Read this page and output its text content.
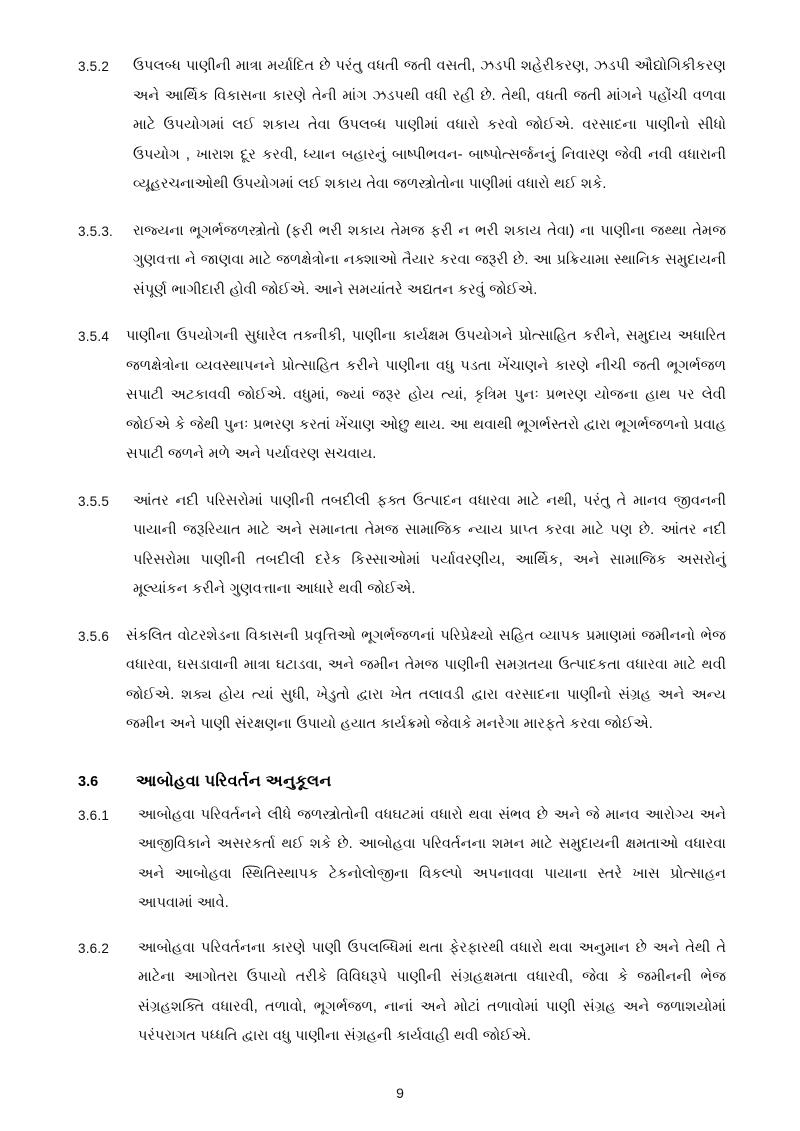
3.5.2	ઉપલબ્ધ પાણીની માત્રા મર્યાદિત છે પરંતુ વધતી જતી વસતી, ઝડપી શહેરીકરણ, ઝડપી ઔદ્યોગિકીકરણ અને આર્થિક વિકાસના કારણે તેની માંગ ઝડપથી વધી રહી છે. તેથી, વધતી જતી માંગને પહોંચી વળવા માટે ઉપયોગમાં લઈ શકાય તેવા ઉપલબ્ધ પાણીમાં વધારો કરવો જોઈએ. વરસાદના પાણીનો સીધો ઉપયોગ , ખારાશ દૂર કરવી, ધ્યાન બહારનું બાષ્પીભવન- બાષ્પોત્સર્જનનું નિવારણ જેવી નવી વધારાની વ્યૂહરચનાઓથી ઉપયોગમાં લઈ શકાય તેવા જળસ્ત્રોતોના પાણીમાં વધારો થઈ શકે.
3.5.3.	રાજ્યના ભૂગર્ભજળસ્ત્રોતો (ફરી ભરી શકાય તેમજ ફરી ન ભરી શકાય તેવા) ના પાણીના જથ્થા તેમજ ગુણવત્તા ને જાણવા માટે જળક્ષેત્રોના નક્શાઓ તૈયાર કરવા જરૂરી છે. આ પ્રક્રિયામા સ્થાનિક સમુદાયની સંપૂર્ણ ભાગીદારી હોવી જોઈએ. આને સમયાંતરે અદ્યતન કરવું જોઈએ.
3.5.4	પાણીના ઉપયોગની સુધારેલ તક્નીકી, પાણીના કાર્યક્ષમ ઉપયોગને પ્રોત્સાહિત કરીને, સમુદાય અધારિત જળક્ષેત્રોના વ્યવસ્થાપનને પ્રોત્સાહિત કરીને પાણીના વધુ પડતા ખેંચાણને કારણે નીચી જતી ભૂગર્ભજળ સપાટી અટકાવવી જોઈએ. વધુમાં, જ્યાં જરૂર હોય ત્યાં, કૃત્રિમ પુનઃ પ્રભરણ યોજના હાથ પર લેવી જોઈએ કે જેથી પુનઃ પ્રભરણ કરતાં ખેંચાણ ઓછુ થાય. આ થવાથી ભૂગર્ભસ્તરો દ્વારા ભૂગર્ભજળનો પ્રવાહ સપાટી જળને મળે અને પર્યાવરણ સચવાય.
3.5.5	આંતર નદી પરિસરોમાં પાણીની તબદીલી ફક્ત ઉત્પાદન વધારવા માટે નથી, પરંતુ તે માનવ જીવનની પાયાની જરૂરિયાત માટે અને સમાનતા તેમજ સામાજિક ન્યાય પ્રાપ્ત કરવા માટે પણ છે. આંતર નદી પરિસરોમા પાણીની તબદીલી દરેક કિસ્સાઓમાં પર્યાવરણીય, આર્થિક, અને સામાજિક અસરોનું મૂલ્યાંકન કરીને ગુણવત્તાના આધારે થવી જોઈએ.
3.5.6	સંકલિત વોટરશેડના વિકાસની પ્રવૃત્તિઓ ભૂગર્ભજળનાં પરિપ્રેક્ષ્યો સહિત વ્યાપક પ્રમાણમાં જમીનનો ભેજ વધારવા, ઘસડાવાની માત્રા ઘટાડવા, અને જમીન તેમજ પાણીની સમગ્રતયા ઉત્પાદકતા વધારવા માટે થવી જોઈએ. શક્ય હોય ત્યાં સુધી, ખેડુતો દ્વારા ખેત તલાવડી દ્વારા વરસાદના પાણીનો સંગ્રહ અને અન્ય જમીન અને પાણી સંરક્ષણના ઉપાયો હયાત કાર્યક્રમો જેવાકે મનરેગા મારફતે કરવા જોઈએ.
3.6	આબોહવા પરિવર્તન અનુકૂલન
3.6.1	આબોહવા પરિવર્તનને લીધે જળસ્ત્રોતોની વધઘટમાં વધારો થવા સંભવ છે અને જે માનવ આરોગ્ય અને આજીવિકાને અસરકર્તા થઈ શકે છે. આબોહવા પરિવર્તનના શમન માટે સમુદાયની ક્ષમતાઓ વધારવા અને આબોહવા સ્થિતિસ્થાપક ટેકનોલોજીના વિકલ્પો અપનાવવા પાયાના સ્તરે ખાસ પ્રોત્સાહન આપવામાં આવે.
3.6.2	આબોહવા પરિવર્તનના કારણે પાણી ઉપલબ્ધિમાં થતા ફેરફારથી વધારો થવા અનુમાન છે અને તેથી તે માટેના આગોતરા ઉપાયો તરીકે વિવિધરૂપે પાણીની સંગ્રહક્ષમતા વધારવી, જેવા કે જમીનની ભેજ સંગ્રહશક્તિ વધારવી, તળાવો, ભૂગર્ભજળ, નાનાં અને મોટાં તળાવોમાં પાણી સંગ્રહ અને જળાશયોમાં પરંપરાગત પધ્ધતિ દ્વારા વધુ પાણીના સંગ્રહની કાર્યવાહી થવી જોઈએ.
9
